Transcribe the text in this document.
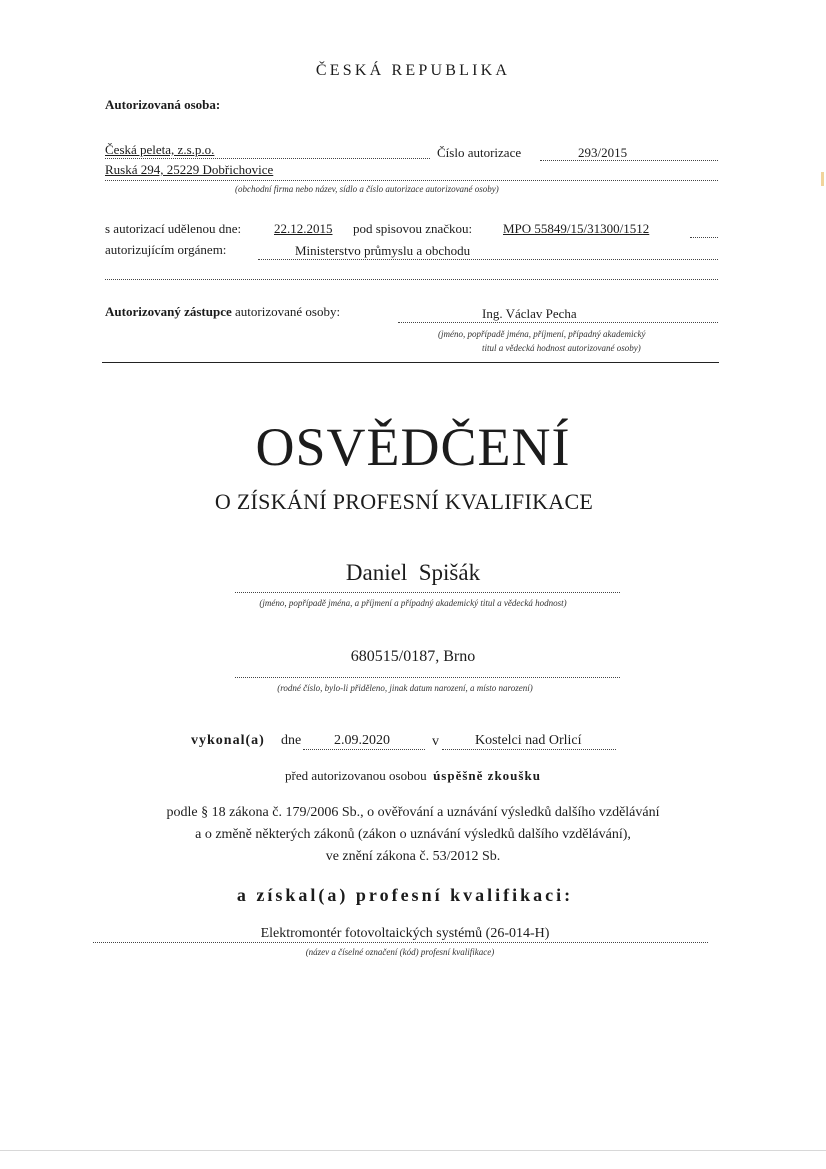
ČESKÁ REPUBLIKA
Autorizovaná osoba:
Česká peleta, z.s.p.o.	Číslo autorizace	293/2015
Ruská 294, 25229 Dobřichovice
(obchodní firma nebo název, sídlo a číslo autorizace autorizované osoby)
s autorizací udělenou dne:	22.12.2015 pod spisovou značkou: MPO 55849/15/31300/1512
autorizujícím orgánem:	Ministerstvo průmyslu a obchodu
Autorizovaný zástupce autorizované osoby:	Ing. Václav Pecha
(jméno, popřípadě jména, příjmení, případný akademický
titul a vědecká hodnost autorizované osoby)
OSVĚDČENÍ
O ZÍSKÁNÍ PROFESNÍ KVALIFIKACE
Daniel  Spišák
(jméno, popřípadě jména, a příjmení a případný akademický titul a vědecká hodnost)
680515/0187, Brno
(rodné číslo, bylo-li přiděleno, jinak datum narození, a místo narození)
vykonal(a) dne 2.09.2020	v	Kostelci nad Orlicí
před autorizovanou osobou úspěšně zkoušku
podle § 18 zákona č. 179/2006 Sb., o ověřování a uznávání výsledků dalšího vzdělávání
a o změně některých zákonů (zákon o uznávání výsledků dalšího vzdělávání),
ve znění zákona č. 53/2012 Sb.
a získal(a) profesní kvalifikaci:
Elektromontér fotovoltaických systémů (26-014-H)
(název a číselné označení (kód) profesní kvalifikace)
